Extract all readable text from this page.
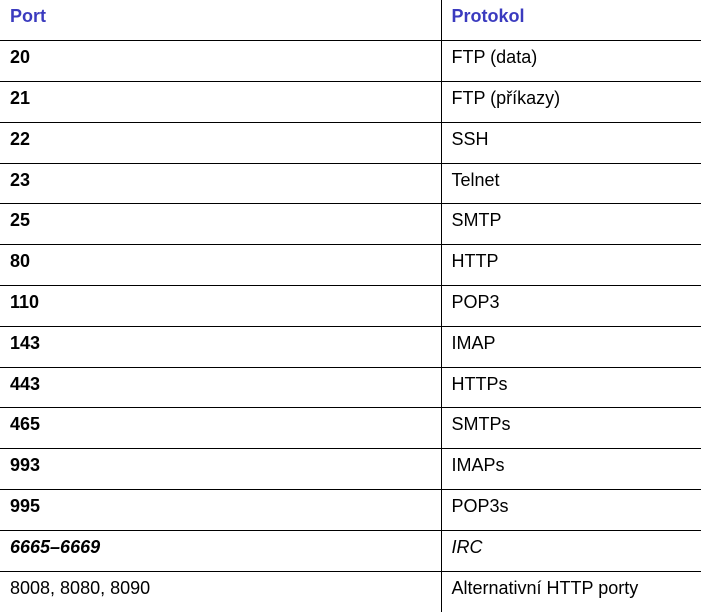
Port	Protokol
20	FTP (data)
21	FTP (příkazy)
22	SSH
23	Telnet
25	SMTP
80	HTTP
110	POP3
143	IMAP
443	HTTPs
465	SMTPs
993	IMAPs
995	POP3s
6665–6669	IRC
8008, 8080, 8090	Alternativní HTTP porty
